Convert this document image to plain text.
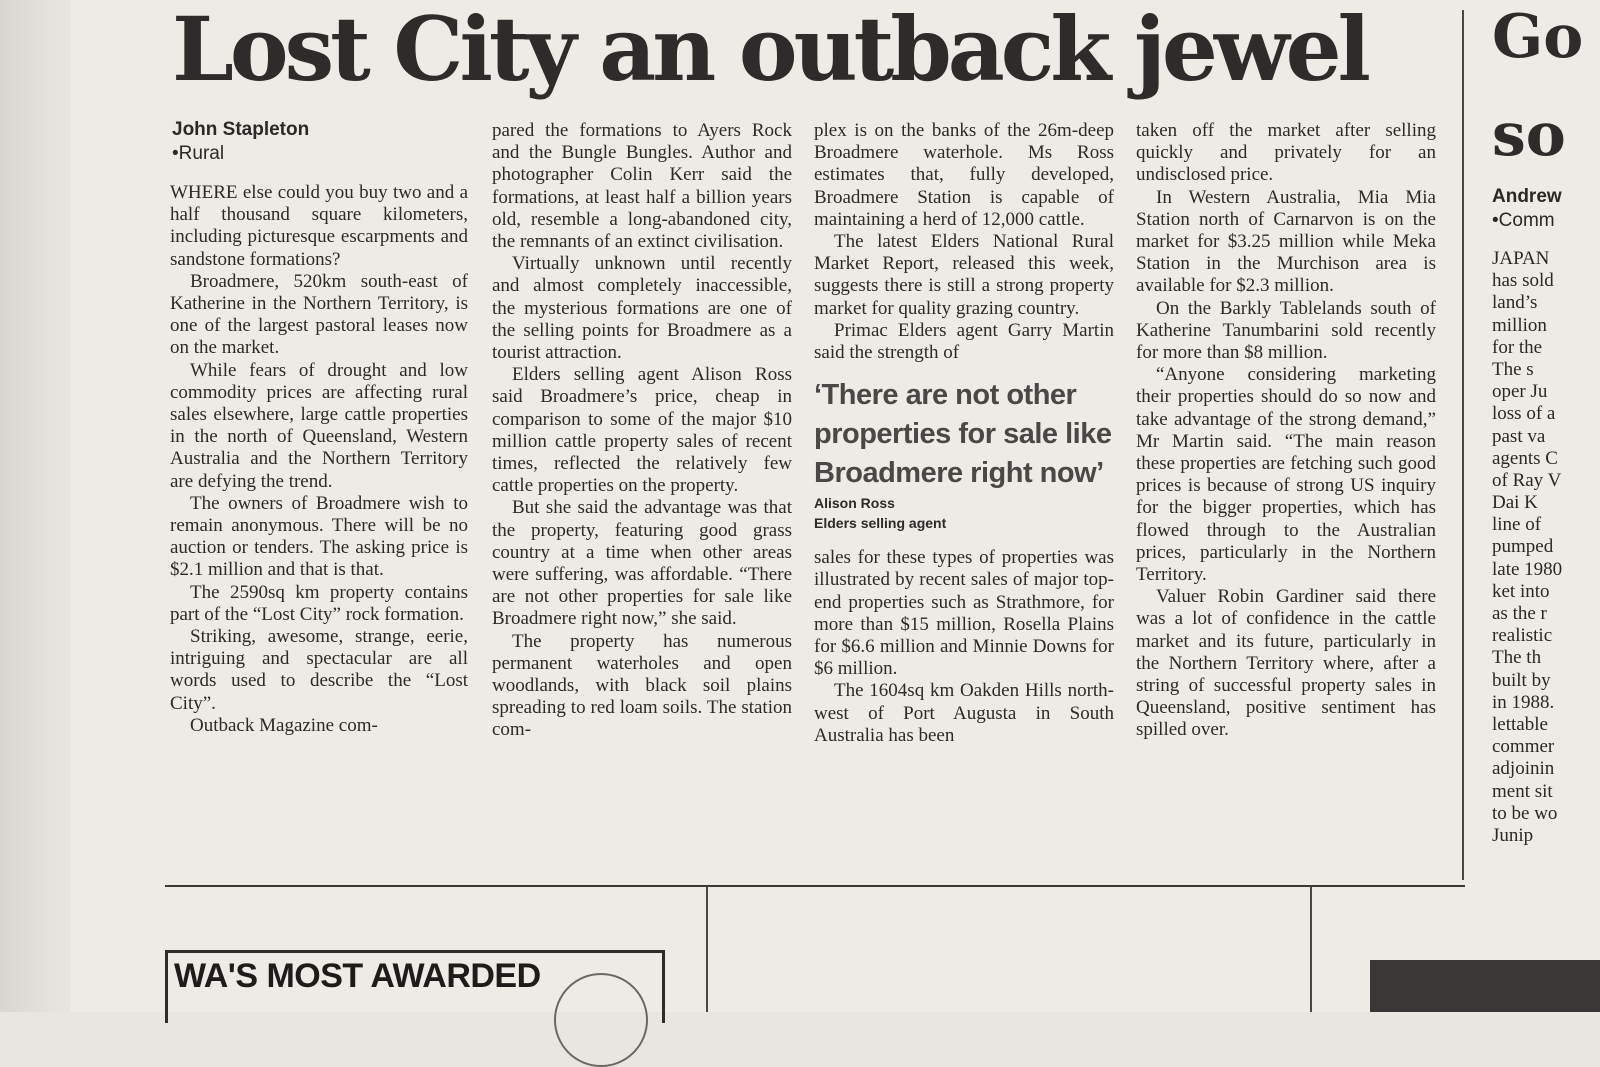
Lost City an outback jewel

John Stapleton

•Rural

WHERE else could you buy two and a half thousand square kilometers, including picturesque escarpments and sandstone formations?

Broadmere, 520km south-east of Katherine in the Northern Territory, is one of the largest pastoral leases now on the market.

While fears of drought and low commodity prices are affecting rural sales elsewhere, large cattle properties in the north of Queensland, Western Australia and the Northern Territory are defying the trend.

The owners of Broadmere wish to remain anonymous. There will be no auction or tenders. The asking price is $2.1 million and that is that.

The 2590sq km property contains part of the “Lost City” rock formation.

Striking, awesome, strange, eerie, intriguing and spectacular are all words used to describe the “Lost City”.

Outback Magazine com-

pared the formations to Ayers Rock and the Bungle Bungles. Author and photographer Colin Kerr said the formations, at least half a billion years old, resemble a long-abandoned city, the remnants of an extinct civilisation.

Virtually unknown until recently and almost completely inaccessible, the mysterious formations are one of the selling points for Broadmere as a tourist attraction.

Elders selling agent Alison Ross said Broadmere’s price, cheap in comparison to some of the major $10 million cattle property sales of recent times, reflected the relatively few cattle properties on the property.

But she said the advantage was that the property, featuring good grass country at a time when other areas were suffering, was affordable. “There are not other properties for sale like Broadmere right now,” she said.

The property has numerous permanent waterholes and open woodlands, with black soil plains spreading to red loam soils. The station com-

plex is on the banks of the 26m-deep Broadmere waterhole. Ms Ross estimates that, fully developed, Broadmere Station is capable of maintaining a herd of 12,000 cattle.

The latest Elders National Rural Market Report, released this week, suggests there is still a strong property market for quality grazing country.

Primac Elders agent Garry Martin said the strength of

‘There are not other properties for sale like Broadmere right now’

Alison Ross

Elders selling agent

sales for these types of properties was illustrated by recent sales of major top-end properties such as Strathmore, for more than $15 million, Rosella Plains for $6.6 million and Minnie Downs for $6 million.

The 1604sq km Oakden Hills north-west of Port Augusta in South Australia has been

taken off the market after selling quickly and privately for an undisclosed price.

In Western Australia, Mia Mia Station north of Carnarvon is on the market for $3.25 million while Meka Station in the Murchison area is available for $2.3 million.

On the Barkly Tablelands south of Katherine Tanumbarini sold recently for more than $8 million.

“Anyone considering marketing their properties should do so now and take advantage of the strong demand,” Mr Martin said. “The main reason these properties are fetching such good prices is because of strong US inquiry for the bigger properties, which has flowed through to the Australian prices, particularly in the Northern Territory.

Valuer Robin Gardiner said there was a lot of confidence in the cattle market and its future, particularly in the Northern Territory where, after a string of successful property sales in Queensland, positive sentiment has spilled over.

Go
so
Andrew
•Comm
JAPAN
has sold
land’s
million
for the
The s
oper Ju
loss of a
past va
agents C
of Ray V
Dai K
line of
pumped
late 1980
ket into
as the r
realistic
The th
built by
in 1988.
lettable
commer
adjoinin
ment sit
to be wo
Junip
WA'S MOST AWARDED
